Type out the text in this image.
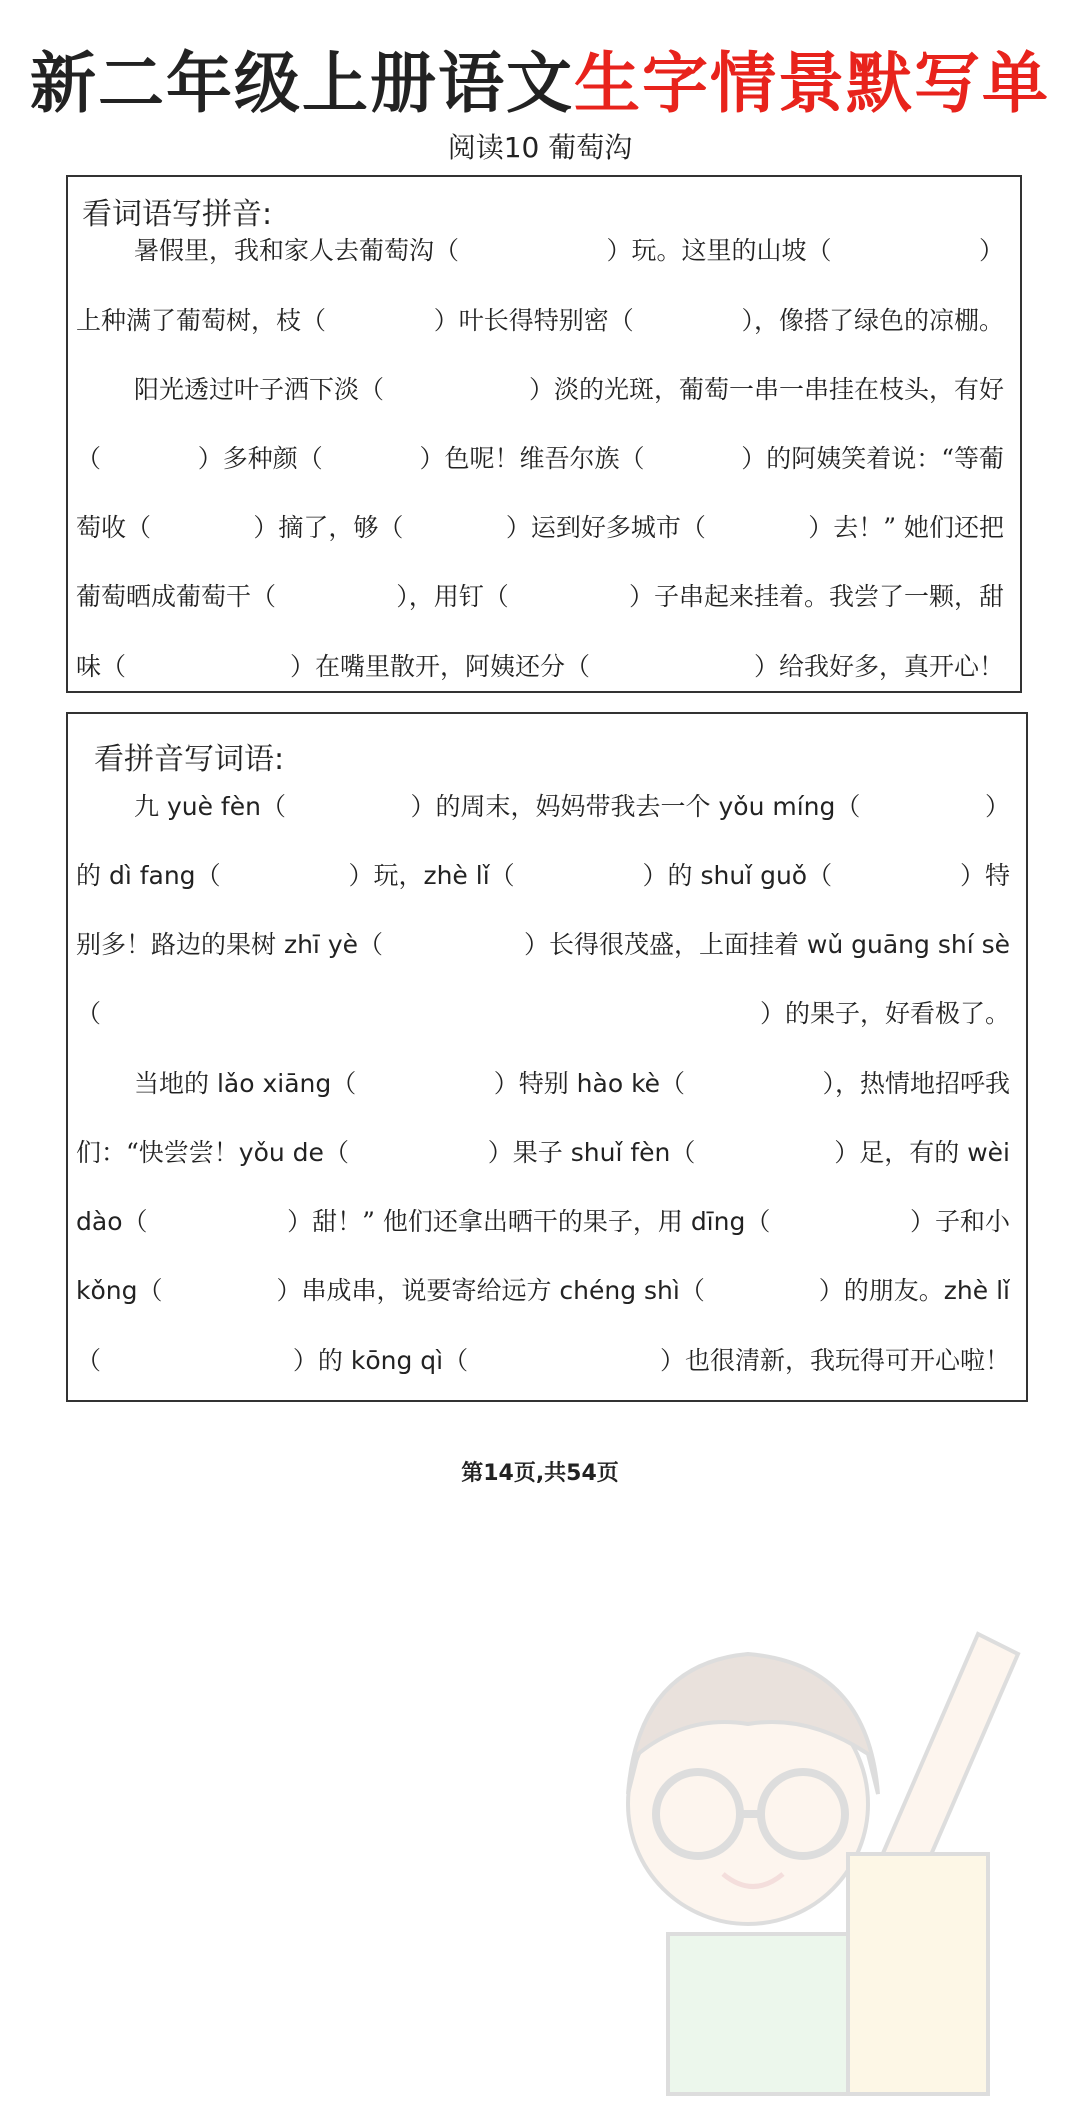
新二年级上册语文生字情景默写单
阅读10 葡萄沟
看词语写拼音:
暑假里，我和家人去葡萄沟（	）玩。这里的山坡（	）
上种满了葡萄树，枝（	）叶长得特别密（	），像搭了绿色的凉棚。
阳光透过叶子洒下淡（	）淡的光斑，葡萄一串一串挂在枝头，有好
（	）多种颜（	）色呢！维吾尔族（	）的阿姨笑着说：“等葡
萄收（	）摘了，够（	）运到好多城市（	）去！” 她们还把
葡萄晒成葡萄干（	），用钉（	）子串起来挂着。我尝了一颗，甜
味（	）在嘴里散开，阿姨还分（	）给我好多，真开心！
看拼音写词语:
九 yuè fèn（	）的周末，妈妈带我去一个 yǒu míng（	）
的 dì fang（	）玩，zhè lǐ（	）的 shuǐ guǒ（	）特
别多！路边的果树 zhī yè（	）长得很茂盛，上面挂着 wǔ guāng shí sè
（	）的果子，好看极了。
当地的 lǎo xiāng（	）特别 hào kè（	），热情地招呼我
们：“快尝尝！yǒu de（	）果子 shuǐ fèn（	）足，有的 wèi
dào（	）甜！” 他们还拿出晒干的果子，用 dīng（	）子和小
kǒng（	）串成串，说要寄给远方 chéng shì（	）的朋友。zhè lǐ
（	）的 kōng qì（	）也很清新，我玩得可开心啦！
第14页,共54页
